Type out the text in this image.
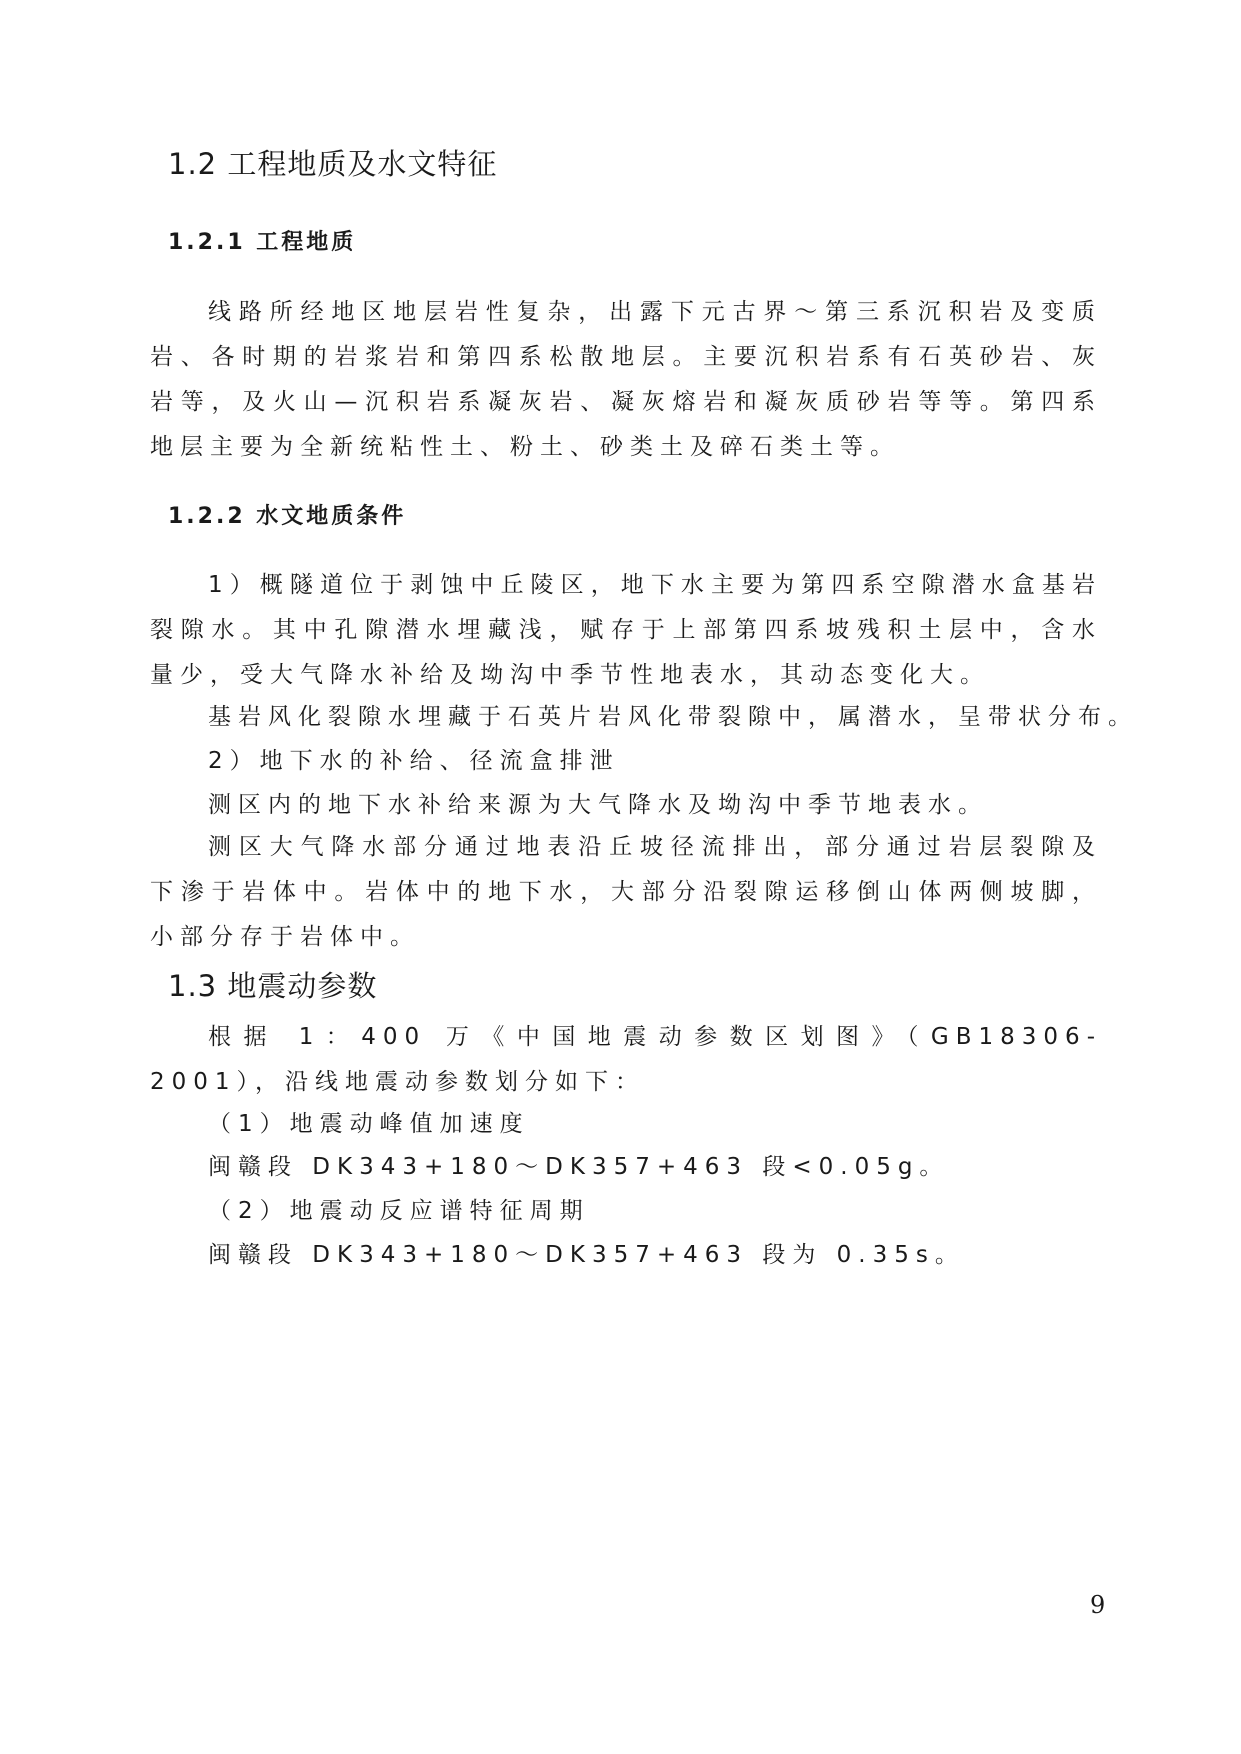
1.2 工程地质及水文特征
1.2.1 工程地质

线路所经地区地层岩性复杂，出露下元古界～第三系沉积岩及变质岩、各时期的岩浆岩和第四系松散地层。主要沉积岩系有石英砂岩、灰岩等，及火山—沉积岩系凝灰岩、凝灰熔岩和凝灰质砂岩等等。第四系地层主要为全新统粘性土、粉土、砂类土及碎石类土等。

1.2.2 水文地质条件

1）概隧道位于剥蚀中丘陵区，地下水主要为第四系空隙潜水盒基岩裂隙水。其中孔隙潜水埋藏浅，赋存于上部第四系坡残积土层中，含水量少，受大气降水补给及坳沟中季节性地表水，其动态变化大。

基岩风化裂隙水埋藏于石英片岩风化带裂隙中，属潜水，呈带状分布。

2）地下水的补给、径流盒排泄

测区内的地下水补给来源为大气降水及坳沟中季节地表水。

测区大气降水部分通过地表沿丘坡径流排出，部分通过岩层裂隙及下渗于岩体中。岩体中的地下水，大部分沿裂隙运移倒山体两侧坡脚，小部分存于岩体中。

1.3 地震动参数

根据 1：400 万《中国地震动参数区划图》（GB18306-2001），沿线地震动参数划分如下：

（1）地震动峰值加速度

闽赣段 DK343+180～DK357+463 段<0.05g。

（2）地震动反应谱特征周期

闽赣段 DK343+180～DK357+463 段为 0.35s。

9
